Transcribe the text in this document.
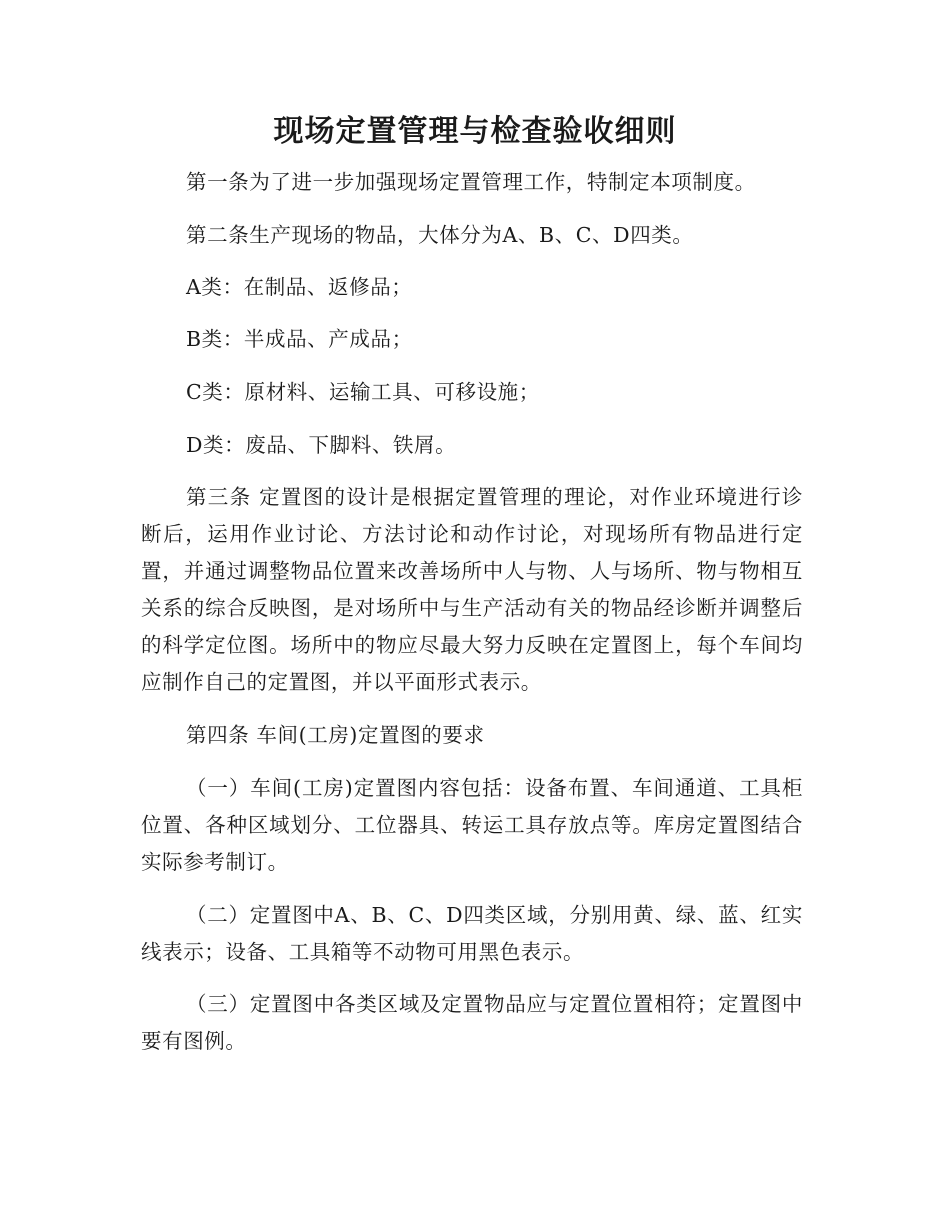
现场定置管理与检查验收细则

第一条为了进一步加强现场定置管理工作，特制定本项制度。

第二条生产现场的物品，大体分为A、B、C、D四类。

A类：在制品、返修品；

B类：半成品、产成品；

C类：原材料、运输工具、可移设施；

D类：废品、下脚料、铁屑。

第三条 定置图的设计是根据定置管理的理论，对作业环境进行诊断后，运用作业讨论、方法讨论和动作讨论，对现场所有物品进行定置，并通过调整物品位置来改善场所中人与物、人与场所、物与物相互关系的综合反映图，是对场所中与生产活动有关的物品经诊断并调整后的科学定位图。场所中的物应尽最大努力反映在定置图上，每个车间均应制作自己的定置图，并以平面形式表示。

第四条 车间(工房)定置图的要求

（一）车间(工房)定置图内容包括：设备布置、车间通道、工具柜位置、各种区域划分、工位器具、转运工具存放点等。库房定置图结合实际参考制订。

（二）定置图中A、B、C、D四类区域，分别用黄、绿、蓝、红实线表示；设备、工具箱等不动物可用黑色表示。

（三）定置图中各类区域及定置物品应与定置位置相符；定置图中要有图例。
